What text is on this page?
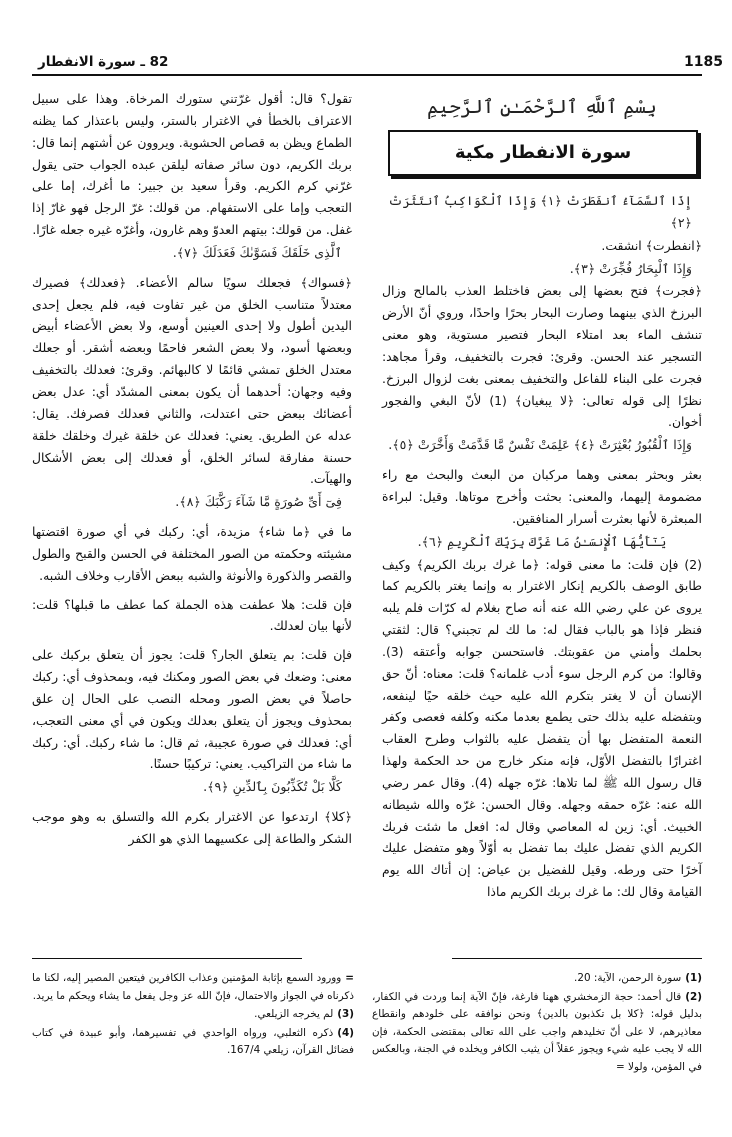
1185
82 ـ سورة الانفطار
بِسْمِ ٱللَّهِ ٱلرَّحْمَـٰنِ ٱلرَّحِيمِ
سورة الانفطار مكية

إِذَا ٱلسَّمَآءُ ٱنفَطَرَتْ ﴿١﴾ وَإِذَا ٱلْكَوَاكِبُ ٱنتَثَرَتْ ﴿٢﴾

﴿انفطرت﴾ انشقت.

وَإِذَا ٱلْبِحَارُ فُجِّرَتْ ﴿٣﴾.

﴿فجرت﴾ فتح بعضها إلى بعض فاختلط العذب بالمالح وزال البرزخ الذي بينهما وصارت البحار بحرًا واحدًا، وروي أنّ الأرض تنشف الماء بعد امتلاء البحار فتصير مستوية، وهو معنى التسجير عند الحسن. وقرئ: فجرت بالتخفيف، وقرأ مجاهد: فجرت على البناء للفاعل والتخفيف بمعنى بغت لزوال البرزخ. نظرًا إلى قوله تعالى: ﴿لا يبغيان﴾ (1) لأنّ البغي والفجور أخوان.

وَإِذَا ٱلْقُبُورُ بُعْثِرَتْ ﴿٤﴾ عَلِمَتْ نَفْسٌ مَّا قَدَّمَتْ وَأَخَّرَتْ ﴿٥﴾.

بعثر وبحثر بمعنى وهما مركبان من البعث والبحث مع راء مضمومة إليهما، والمعنى: بحثت وأخرج موتاها. وقيل: لبراءة المبعثرة لأنها بعثرت أسرار المنافقين.

يَـٰٓأَيُّهَا ٱلْإِنسَـٰنُ مَا غَرَّكَ بِرَبِّكَ ٱلْكَرِيمِ ﴿٦﴾.

(2) فإن قلت: ما معنى قوله: ﴿ما غرك بربك الكريم﴾ وكيف طابق الوصف بالكريم إنكار الاغترار به وإنما يغتر بالكريم كما يروى عن علي رضي الله عنه أنه صاح بغلام له كرّات فلم يلبه فنظر فإذا هو بالباب فقال له: ما لك لم تجبني؟ قال: لثقتي بحلمك وأمني من عقوبتك. فاستحسن جوابه وأعتقه (3). وقالوا: من كرم الرجل سوء أدب غلمانه؟ قلت: معناه: أنّ حق الإنسان أن لا يغتر بتكرم الله عليه حيث خلقه حيًا لينفعه، وبتفضله عليه بذلك حتى يطمع بعدما مكنه وكلفه فعصى وكفر النعمة المتفضل بها أن يتفضل عليه بالثواب وطرح العقاب اغترارًا بالتفضل الأوّل، فإنه منكر خارج من حد الحكمة ولهذا قال رسول الله ﷺ لما تلاها: غرّه جهله (4). وقال عمر رضي الله عنه: غرّه حمقه وجهله. وقال الحسن: غرّه والله شيطانه الخبيث. أي: زين له المعاصي وقال له: افعل ما شئت فربك الكريم الذي تفضل عليك بما تفضل به أوّلاً وهو متفضل عليك آخرًا حتى ورطه. وقيل للفضيل بن عياض: إن أتاك الله يوم القيامة وقال لك: ما غرك بربك الكريم ماذا

تقول؟ قال: أقول غرّتني ستورك المرخاة. وهذا على سبيل الاعتراف بالخطأ في الاغترار بالستر، وليس باعتذار كما يظنه الطماع ويظن به قصاص الحشوية. ويروون عن أشتهم إنما قال: بربك الكريم، دون سائر صفاته ليلقن عبده الجواب حتى يقول غرّني كرم الكريم. وقرأ سعيد بن جبير: ما أغرك، إما على التعجب وإما على الاستفهام. من قولك: غرّ الرجل فهو غارّ إذا غفل. من قولك: بيتهم العدوّ وهم غارون، وأغرّه غيره جعله غارًا.

ٱلَّذِى خَلَقَكَ فَسَوَّىٰكَ فَعَدَلَكَ ﴿٧﴾.

﴿فسواك﴾ فجعلك سويًا سالم الأعضاء. ﴿فعدلك﴾ فصيرك معتدلاً متناسب الخلق من غير تفاوت فيه، فلم يجعل إحدى اليدين أطول ولا إحدى العينين أوسع، ولا بعض الأعضاء أبيض وبعضها أسود، ولا بعض الشعر فاحمًا وبعضه أشقر. أو جعلك معتدل الخلق تمشي قائمًا لا كالبهائم. وقرئ: فعدلك بالتخفيف وفيه وجهان: أحدهما أن يكون بمعنى المشدّد أي: عدل بعض أعضائك ببعض حتى اعتدلت، والثاني فعدلك فصرفك. يقال: عدله عن الطريق. يعني: فعدلك عن خلقة غيرك وخلقك خلقة حسنة مفارقة لسائر الخلق، أو فعدلك إلى بعض الأشكال والهيآت.

فِىٓ أَىِّ صُورَةٍ مَّا شَآءَ رَكَّبَكَ ﴿٨﴾.

ما في ﴿ما شاء﴾ مزيدة، أي: ركبك في أي صورة اقتضتها مشيئته وحكمته من الصور المختلفة في الحسن والقبح والطول والقصر والذكورة والأنوثة والشبه ببعض الأقارب وخلاف الشبه.

فإن قلت: هلا عطفت هذه الجملة كما عطف ما قبلها؟ قلت: لأنها بيان لعدلك.

فإن قلت: بم يتعلق الجار؟ قلت: يجوز أن يتعلق بركبك على معنى: وضعك في بعض الصور ومكنك فيه، وبمحذوف أي: ركبك حاصلاً في بعض الصور ومحله النصب على الحال إن علق بمحذوف ويجوز أن يتعلق بعدلك ويكون في أي معنى التعجب، أي: فعدلك في صورة عجيبة، ثم قال: ما شاء ركبك. أي: ركبك ما شاء من التراكيب. يعني: تركيبًا حسنًا.

كَلَّا بَلْ تُكَذِّبُونَ بِٱلدِّينِ ﴿٩﴾.

﴿كلا﴾ ارتدعوا عن الاغترار بكرم الله والتسلق به وهو موجب الشكر والطاعة إلى عكسيهما الذي هو الكفر

(1)سورة الرحمن، الآية: 20.

(2)قال أحمد: حجة الزمخشري ههنا فارغة، فإنّ الآية إنما وردت في الكفار، بدليل قوله: ﴿كلا بل تكذبون بالدين﴾ ونحن نوافقه على خلودهم وانقطاع معاذيرهم، لا على أنّ تخليدهم واجب على الله تعالى بمقتضى الحكمة، فإن الله لا يجب عليه شيء ويجوز عقلاً أن يثيب الكافر ويخلده في الجنة، وبالعكس في المؤمن، ولولا =

=وورود السمع بإثابة المؤمنين وعذاب الكافرين فيتعين المصير إليه، لكنا ما ذكرناه في الجواز والاحتمال، فإنّ الله عز وجل يفعل ما يشاء ويحكم ما يريد.

(3)لم يخرجه الزيلعي.

(4)ذكره الثعلبي، ورواه الواحدي في تفسيرهما، وأبو عبيدة في كتاب فضائل القرآن، زيلعي 167/4.
